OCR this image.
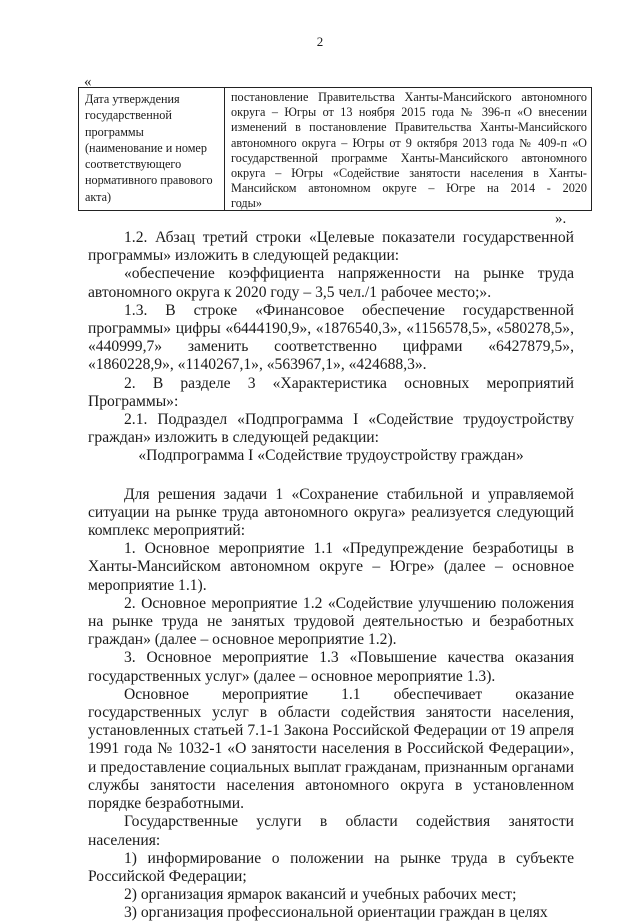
2
«
Дата утверждения государственной программы (наименование и номер соответствующего нормативного правового акта)
постановление Правительства Ханты-Мансийского автономного округа – Югры от 13 ноября 2015 года № 396-п «О внесении изменений в постановление Правительства Ханты-Мансийского автономного округа – Югры от 9 октября 2013 года № 409-п «О государственной программе Ханты-Мансийского автономного округа – Югры «Содействие занятости населения в Ханты-Мансийском автономном округе – Югре на 2014 - 2020
годы»
».

1.2. Абзац третий строки «Целевые показатели государственной программы» изложить в следующей редакции:

«обеспечение коэффициента напряженности на рынке труда автономного округа к 2020 году – 3,5 чел./1 рабочее место;».

1.3. В строке «Финансовое обеспечение государственной программы» цифры «6444190,9», «1876540,3», «1156578,5», «580278,5», «440999,7» заменить соответственно цифрами «6427879,5», «1860228,9», «1140267,1», «563967,1», «424688,3».

2. В разделе 3 «Характеристика основных мероприятий Программы»:

2.1. Подраздел «Подпрограмма I «Содействие трудоустройству граждан» изложить в следующей редакции:

«Подпрограмма I «Содействие трудоустройству граждан»

Для решения задачи 1 «Сохранение стабильной и управляемой ситуации на рынке труда автономного округа» реализуется следующий комплекс мероприятий:

1. Основное мероприятие 1.1 «Предупреждение безработицы в Ханты-Мансийском автономном округе – Югре» (далее – основное мероприятие 1.1).

2. Основное мероприятие 1.2 «Содействие улучшению положения на рынке труда не занятых трудовой деятельностью и безработных граждан» (далее – основное мероприятие 1.2).

3. Основное мероприятие 1.3 «Повышение качества оказания государственных услуг» (далее – основное мероприятие 1.3).

Основное мероприятие 1.1 обеспечивает оказание государственных услуг в области содействия занятости населения, установленных статьей 7.1-1 Закона Российской Федерации от 19 апреля 1991 года № 1032-1 «О занятости населения в Российской Федерации», и предоставление социальных выплат гражданам, признанным органами службы занятости населения автономного округа в установленном порядке безработными.

Государственные услуги в области содействия занятости населения:

1) информирование о положении на рынке труда в субъекте Российской Федерации;

2) организация ярмарок вакансий и учебных рабочих мест;

3) организация профессиональной ориентации граждан в целях
